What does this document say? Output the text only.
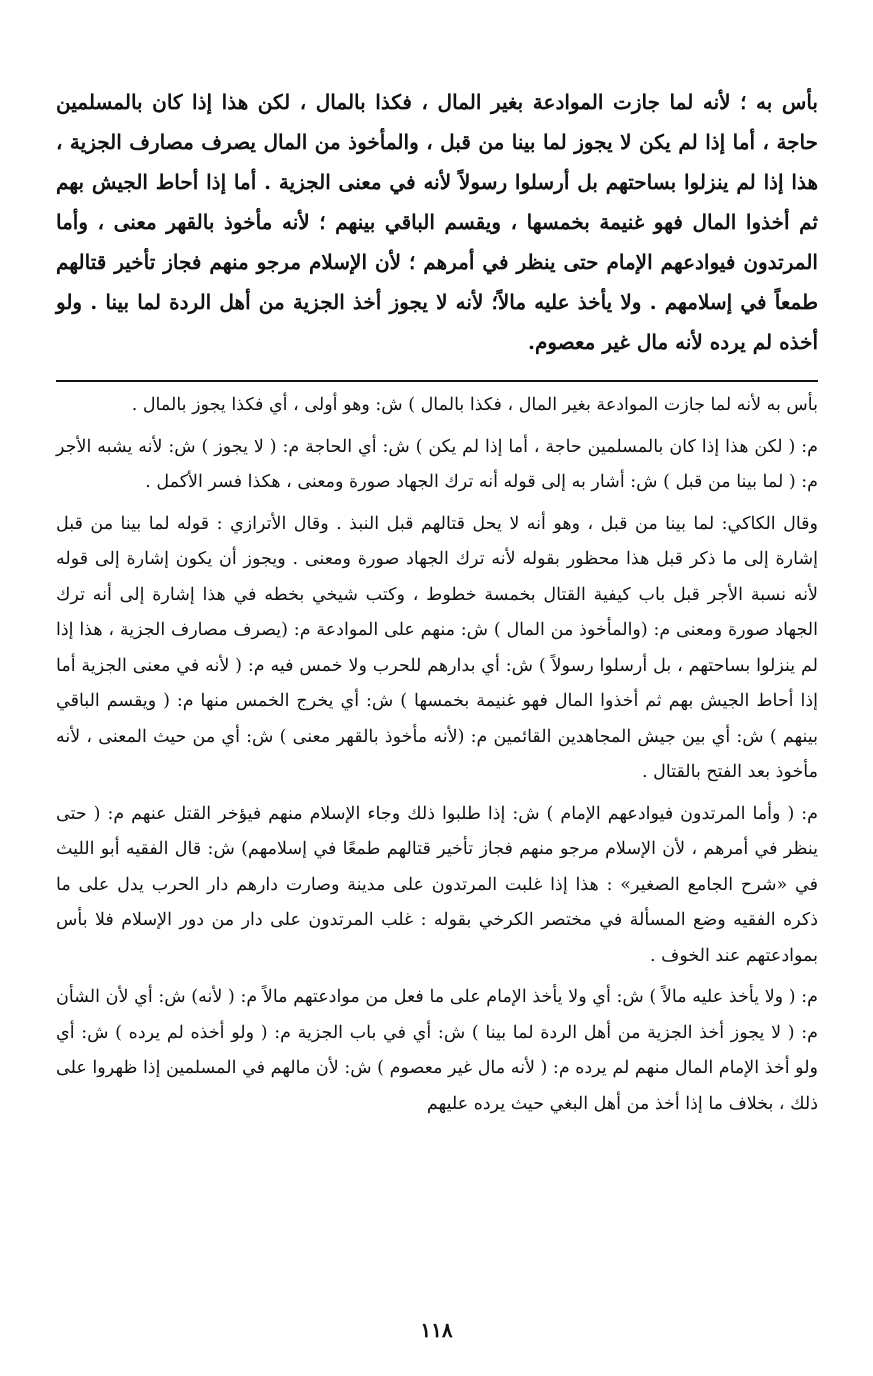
بأس به ؛ لأنه لما جازت الموادعة بغير المال ، فكذا بالمال ، لكن هذا إذا كان بالمسلمين حاجة ، أما إذا لم يكن لا يجوز لما بينا من قبل ، والمأخوذ من المال يصرف مصارف الجزية ، هذا إذا لم ينزلوا بساحتهم بل أرسلوا رسولاً لأنه في معنى الجزية . أما إذا أحاط الجيش بهم ثم أخذوا المال فهو غنيمة بخمسها ، ويقسم الباقي بينهم ؛ لأنه مأخوذ بالقهر معنى ، وأما المرتدون فيوادعهم الإمام حتى ينظر في أمرهم ؛ لأن الإسلام مرجو منهم فجاز تأخير قتالهم طمعاً في إسلامهم . ولا يأخذ عليه مالاً؛ لأنه لا يجوز أخذ الجزية من أهل الردة لما بينا . ولو أخذه لم يرده لأنه مال غير معصوم.

بأس به لأنه لما جازت الموادعة بغير المال ، فكذا بالمال ) ش: وهو أولى ، أي فكذا يجوز بالمال .

م: ( لكن هذا إذا كان بالمسلمين حاجة ، أما إذا لم يكن ) ش: أي الحاجة م: ( لا يجوز ) ش: لأنه يشبه الأجر م: ( لما بينا من قبل ) ش: أشار به إلى قوله أنه ترك الجهاد صورة ومعنى ، هكذا فسر الأكمل .

وقال الكاكي: لما بينا من قبل ، وهو أنه لا يحل قتالهم قبل النبذ . وقال الأترازي : قوله لما بينا من قبل إشارة إلى ما ذكر قبل هذا محظور بقوله لأنه ترك الجهاد صورة ومعنى . ويجوز أن يكون إشارة إلى قوله لأنه نسبة الأجر قبل باب كيفية القتال بخمسة خطوط ، وكتب شيخي بخطه في هذا إشارة إلى أنه ترك الجهاد صورة ومعنى م: (والمأخوذ من المال ) ش: منهم على الموادعة م: (يصرف مصارف الجزية ، هذا إذا لم ينزلوا بساحتهم ، بل أرسلوا رسولاً ) ش: أي بدارهم للحرب ولا خمس فيه م: ( لأنه في معنى الجزية أما إذا أحاط الجيش بهم ثم أخذوا المال فهو غنيمة بخمسها ) ش: أي يخرج الخمس منها م: ( ويقسم الباقي بينهم ) ش: أي بين جيش المجاهدين القائمين م: (لأنه مأخوذ بالقهر معنى ) ش: أي من حيث المعنى ، لأنه مأخوذ بعد الفتح بالقتال .

م: ( وأما المرتدون فيوادعهم الإمام ) ش: إذا طلبوا ذلك وجاء الإسلام منهم فيؤخر القتل عنهم م: ( حتى ينظر في أمرهم ، لأن الإسلام مرجو منهم فجاز تأخير قتالهم طمعًا في إسلامهم) ش: قال الفقيه أبو الليث في «شرح الجامع الصغير» : هذا إذا غلبت المرتدون على مدينة وصارت دارهم دار الحرب يدل على ما ذكره الفقيه وضع المسألة في مختصر الكرخي بقوله : غلب المرتدون على دار من دور الإسلام فلا بأس بموادعتهم عند الخوف .

م: ( ولا يأخذ عليه مالاً ) ش: أي ولا يأخذ الإمام على ما فعل من موادعتهم مالاً م: ( لأنه) ش: أي لأن الشأن م: ( لا يجوز أخذ الجزية من أهل الردة لما بينا ) ش: أي في باب الجزية م: ( ولو أخذه لم يرده ) ش: أي ولو أخذ الإمام المال منهم لم يرده م: ( لأنه مال غير معصوم ) ش: لأن مالهم في المسلمين إذا ظهروا على ذلك ، بخلاف ما إذا أخذ من أهل البغي حيث يرده عليهم

١١٨
